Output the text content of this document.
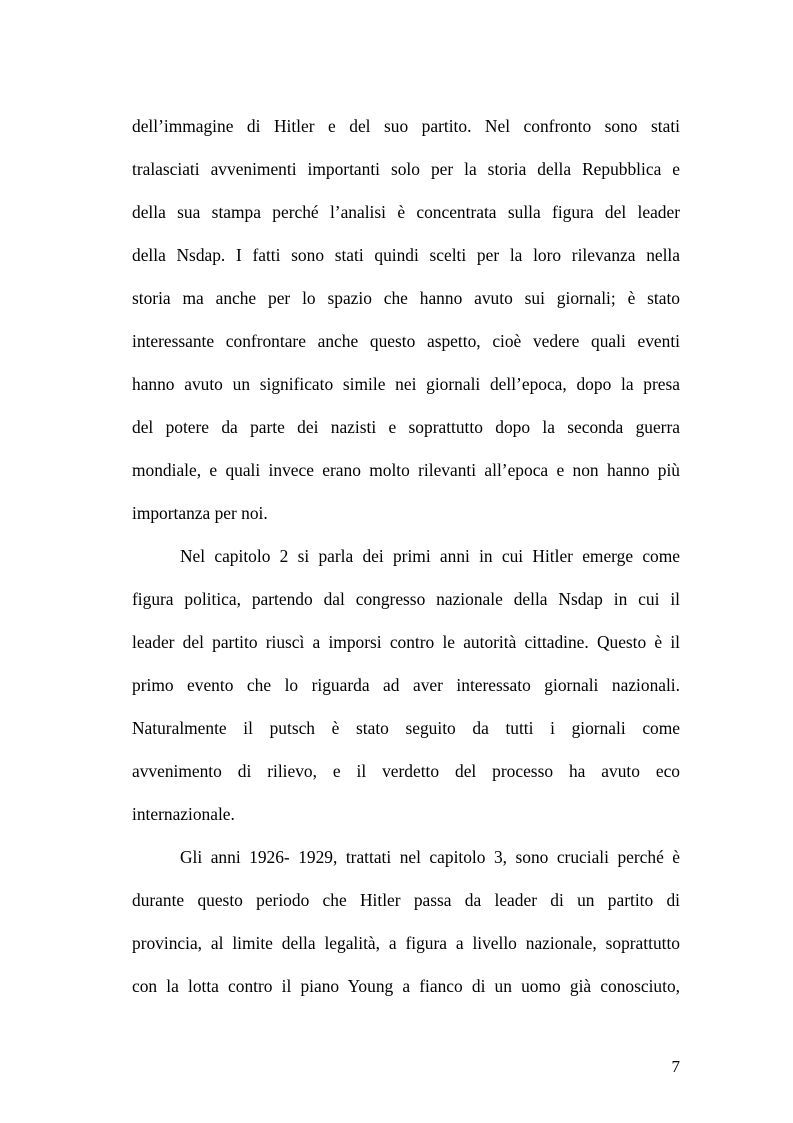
dell’immagine di Hitler e del suo partito. Nel confronto sono stati
tralasciati avvenimenti importanti solo per la storia della Repubblica e
della sua stampa perché l’analisi è concentrata sulla figura del leader
della Nsdap. I fatti sono stati quindi scelti per la loro rilevanza nella
storia ma anche per lo spazio che hanno avuto sui giornali; è stato
interessante confrontare anche questo aspetto, cioè vedere quali eventi
hanno avuto un significato simile nei giornali dell’epoca, dopo la presa
del potere da parte dei nazisti e soprattutto dopo la seconda guerra
mondiale, e quali invece erano molto rilevanti all’epoca e non hanno più
importanza per noi.
Nel capitolo 2 si parla dei primi anni in cui Hitler emerge come
figura politica, partendo dal congresso nazionale della Nsdap in cui il
leader del partito riuscì a imporsi contro le autorità cittadine. Questo è il
primo evento che lo riguarda ad aver interessato giornali nazionali.
Naturalmente il putsch è stato seguito da tutti i giornali come
avvenimento di rilievo, e il verdetto del processo ha avuto eco
internazionale.
Gli anni 1926- 1929, trattati nel capitolo 3, sono cruciali perché è
durante questo periodo che Hitler passa da leader di un partito di
provincia, al limite della legalità, a figura a livello nazionale, soprattutto
con la lotta contro il piano Young a fianco di un uomo già conosciuto,
7
